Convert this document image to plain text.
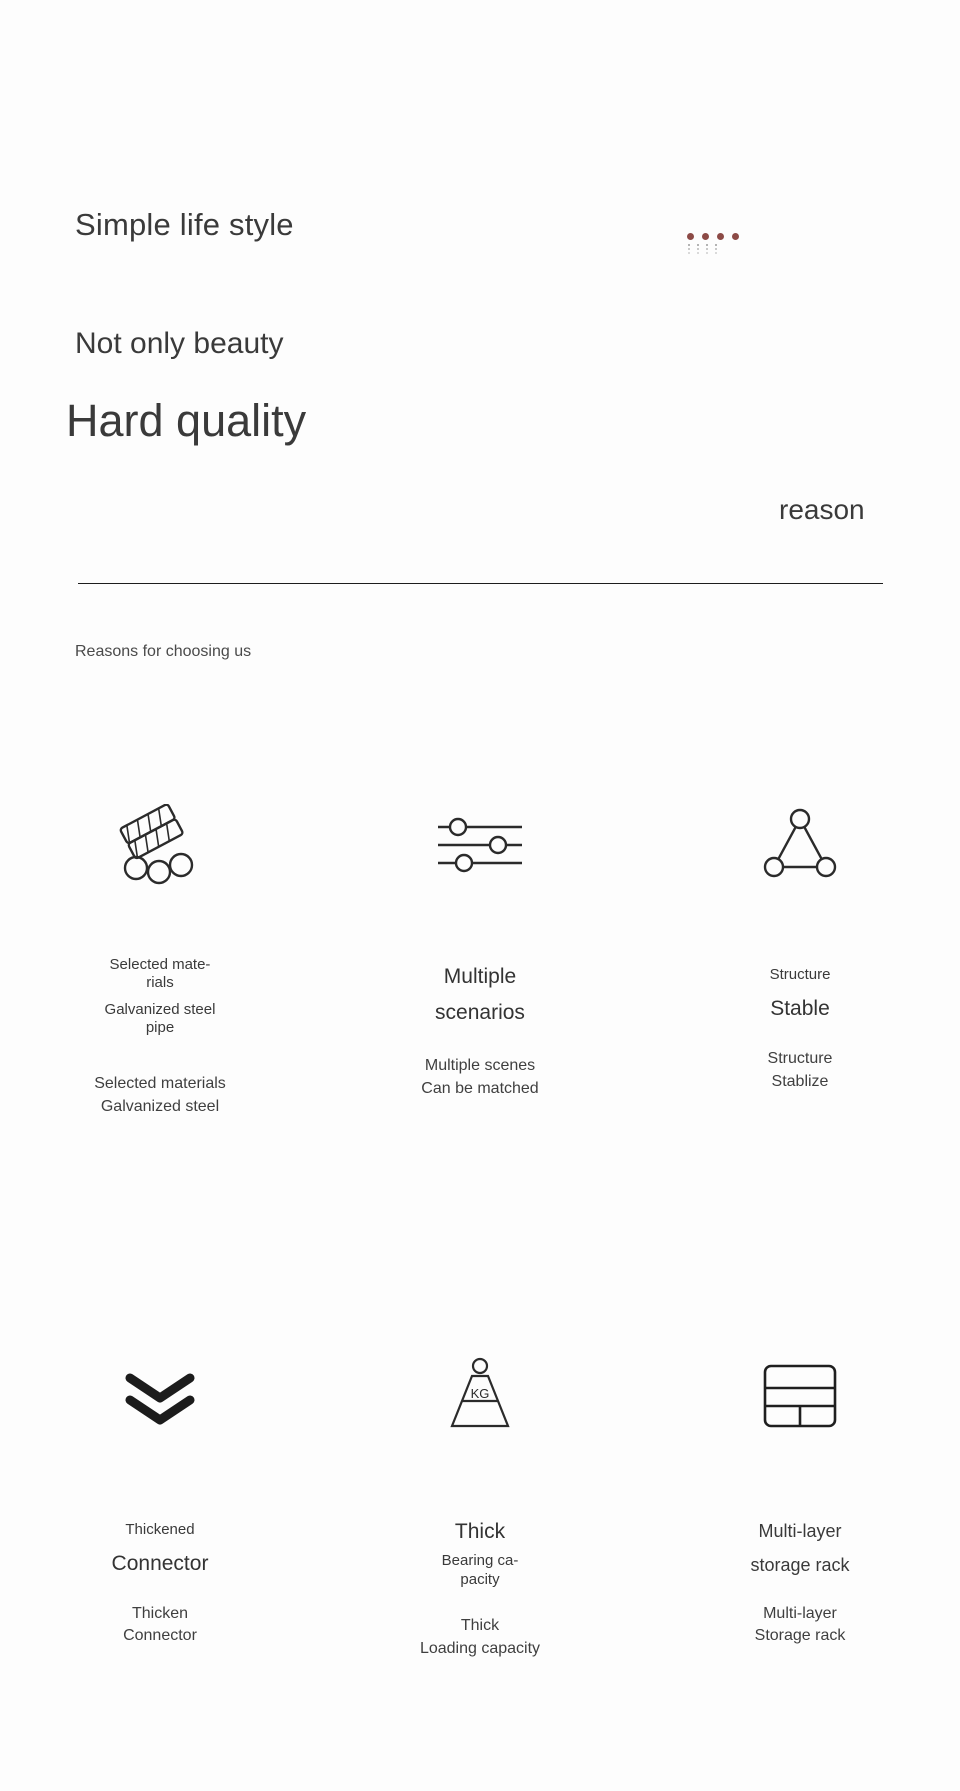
Simple life style
Not only beauty
Hard quality
reason
Reasons for choosing us
Selected mate-
rials
Galvanized steel
pipe
Selected materials
Galvanized steel
Multiple
scenarios
Multiple scenes
Can be matched
Structure
Stable
Structure
Stablize
Thickened
Connector
Thicken
Connector
KG
Thick
Bearing ca-
pacity
Thick
Loading capacity
Multi-layer
storage rack
Multi-layer
Storage rack
